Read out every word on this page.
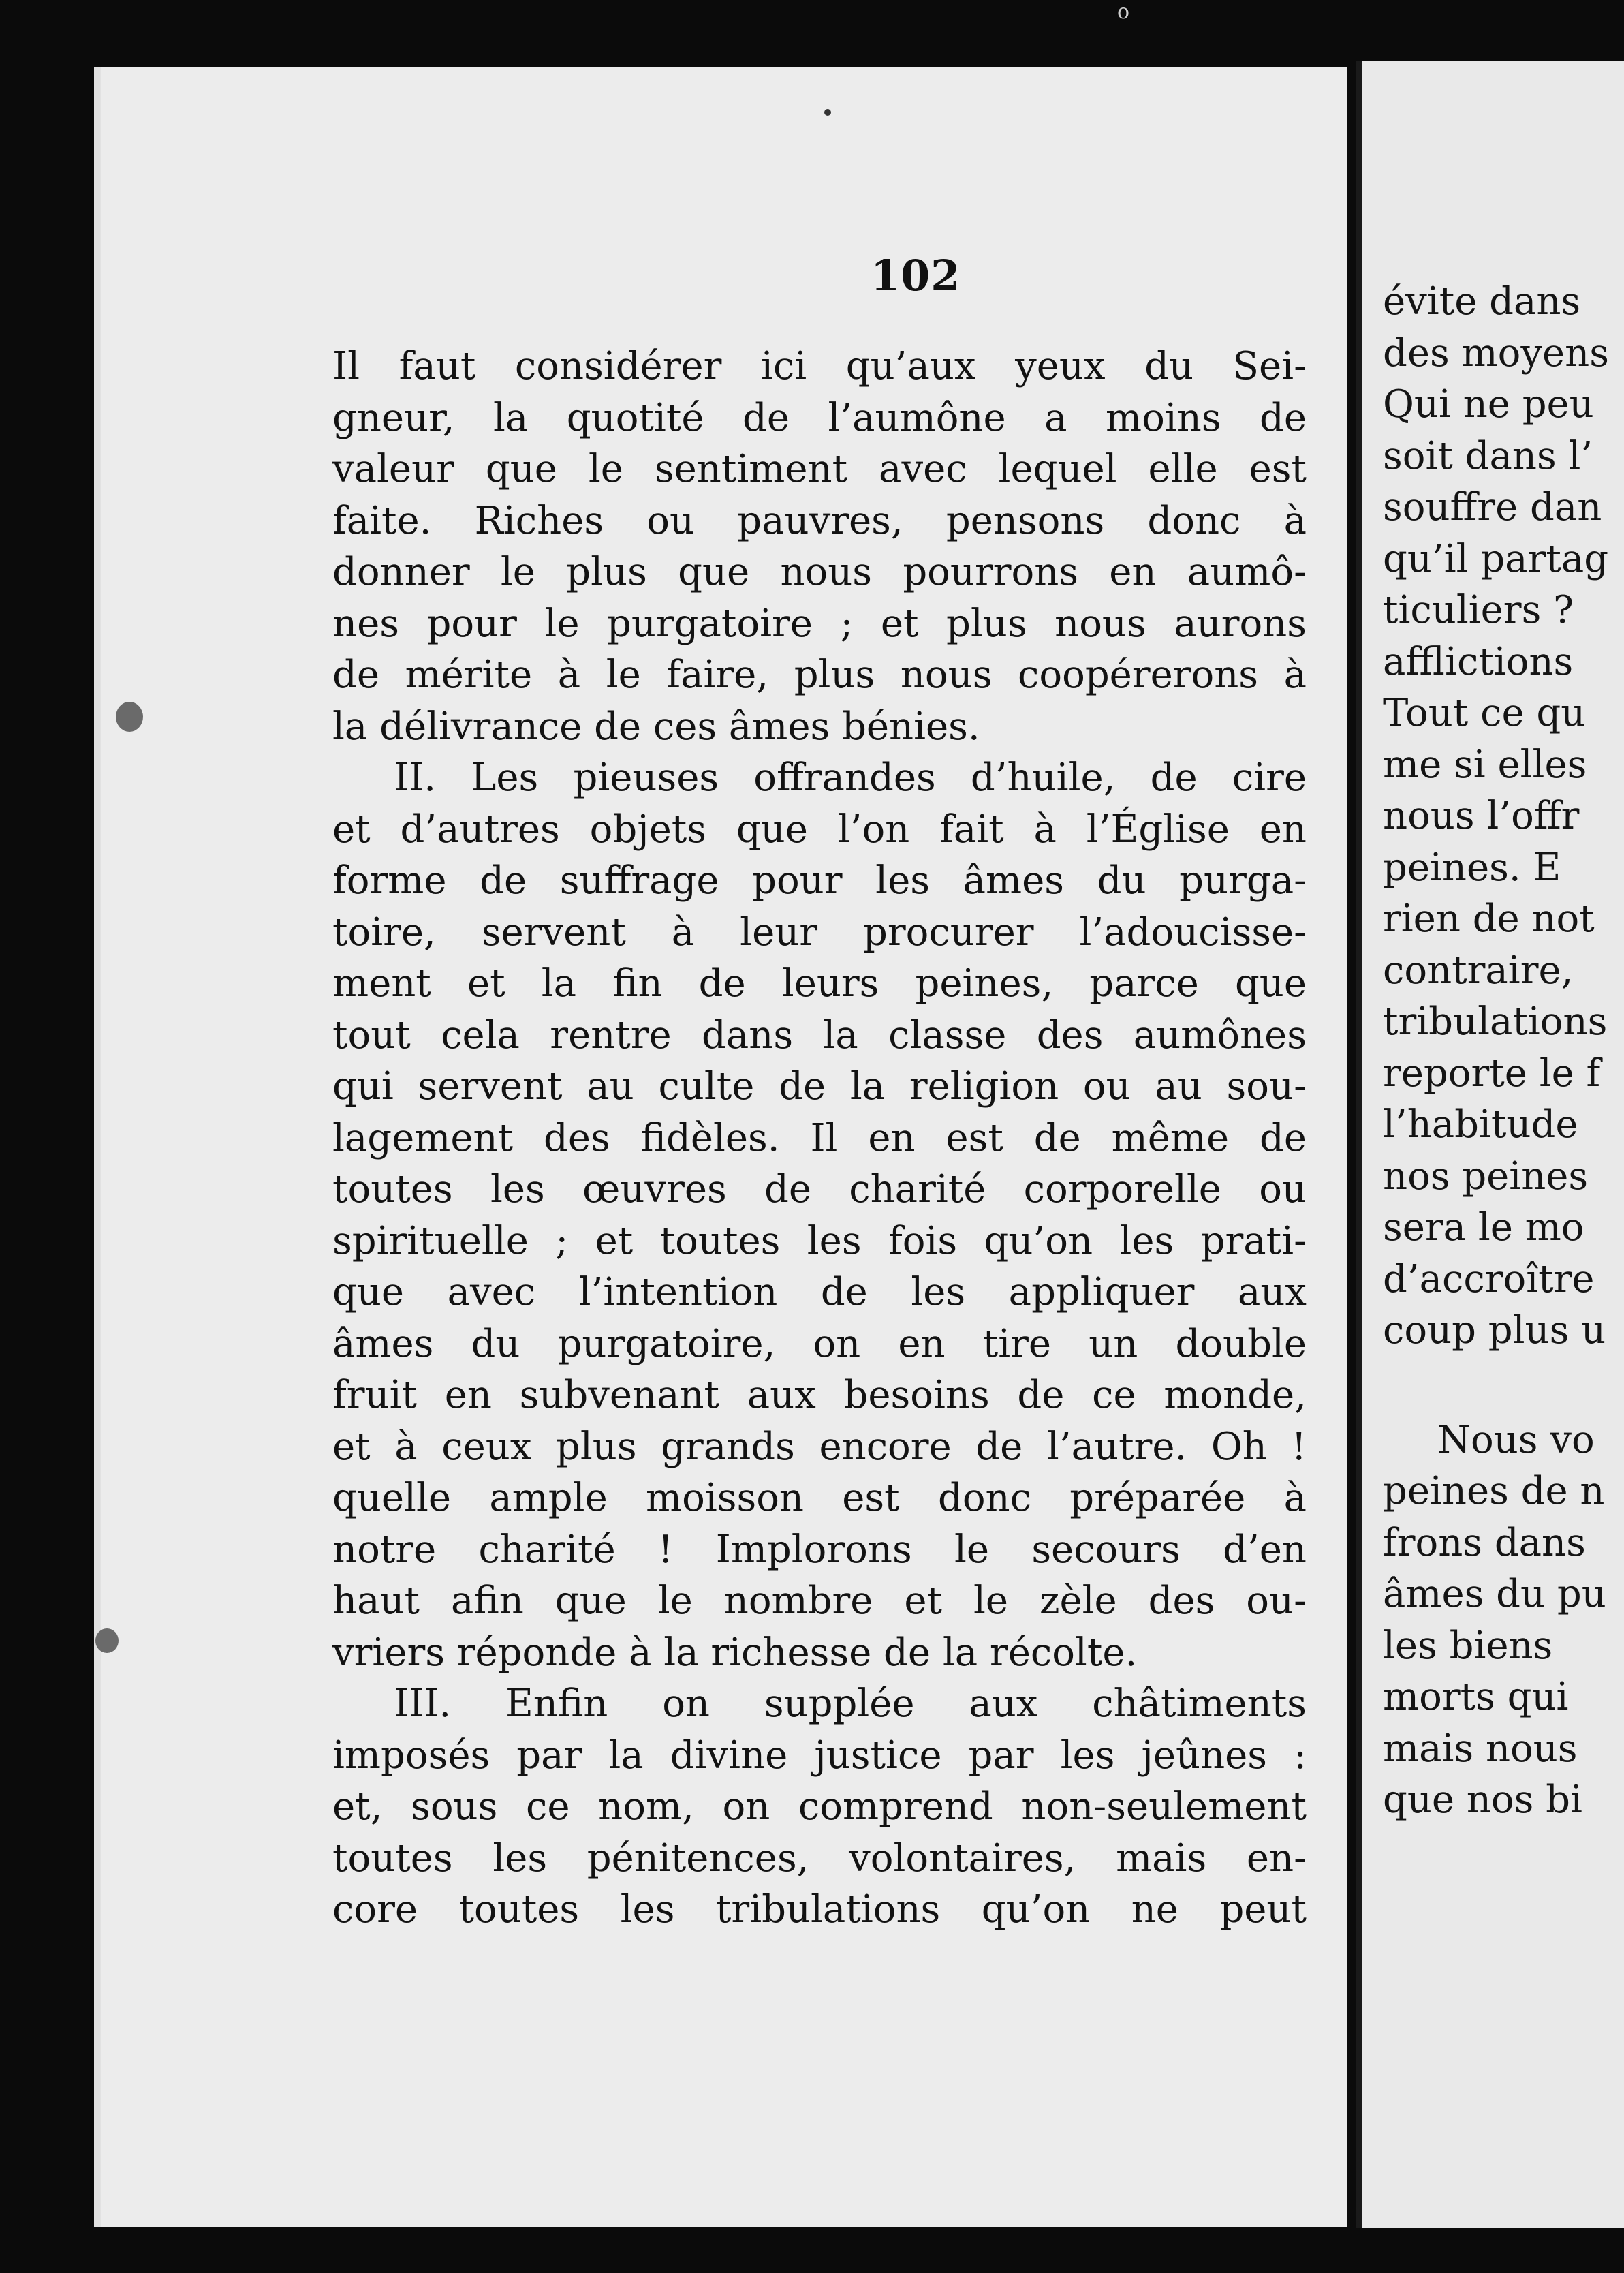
o
102
Il faut considérer ici qu’aux yeux du Sei-
gneur, la quotité de l’aumône a moins de
valeur que le sentiment avec lequel elle est
faite. Riches ou pauvres, pensons donc à
donner le plus que nous pourrons en aumô-
nes pour le purgatoire ; et plus nous aurons
de mérite à le faire, plus nous coopérerons à
la délivrance de ces âmes bénies.
II. Les pieuses offrandes d’huile, de cire
et d’autres objets que l’on fait à l’Église en
forme de suffrage pour les âmes du purga-
toire, servent à leur procurer l’adoucisse-
ment et la fin de leurs peines, parce que
tout cela rentre dans la classe des aumônes
qui servent au culte de la religion ou au sou-
lagement des fidèles. Il en est de même de
toutes les œuvres de charité corporelle ou
spirituelle ; et toutes les fois qu’on les prati-
que avec l’intention de les appliquer aux
âmes du purgatoire, on en tire un double
fruit en subvenant aux besoins de ce monde,
et à ceux plus grands encore de l’autre. Oh !
quelle ample moisson est donc préparée à
notre charité ! Implorons le secours d’en
haut afin que le nombre et le zèle des ou-
vriers réponde à la richesse de la récolte.
III. Enfin on supplée aux châtiments
imposés par la divine justice par les jeûnes :
et, sous ce nom, on comprend non-seulement
toutes les pénitences, volontaires, mais en-
core toutes les tribulations qu’on ne peut
évite dans
des moyens
Qui ne peu
soit dans l’
souffre dan
qu’il partag
ticuliers ?
afflictions
Tout ce qu
me si elles
nous l’offr
peines. E
rien de not
contraire,
tribulations
reporte le f
l’habitude
nos peines
sera le mo
d’accroître
coup plus u
Nous vo
peines de n
frons dans
âmes du pu
les biens
morts qui
mais nous
que nos bi
